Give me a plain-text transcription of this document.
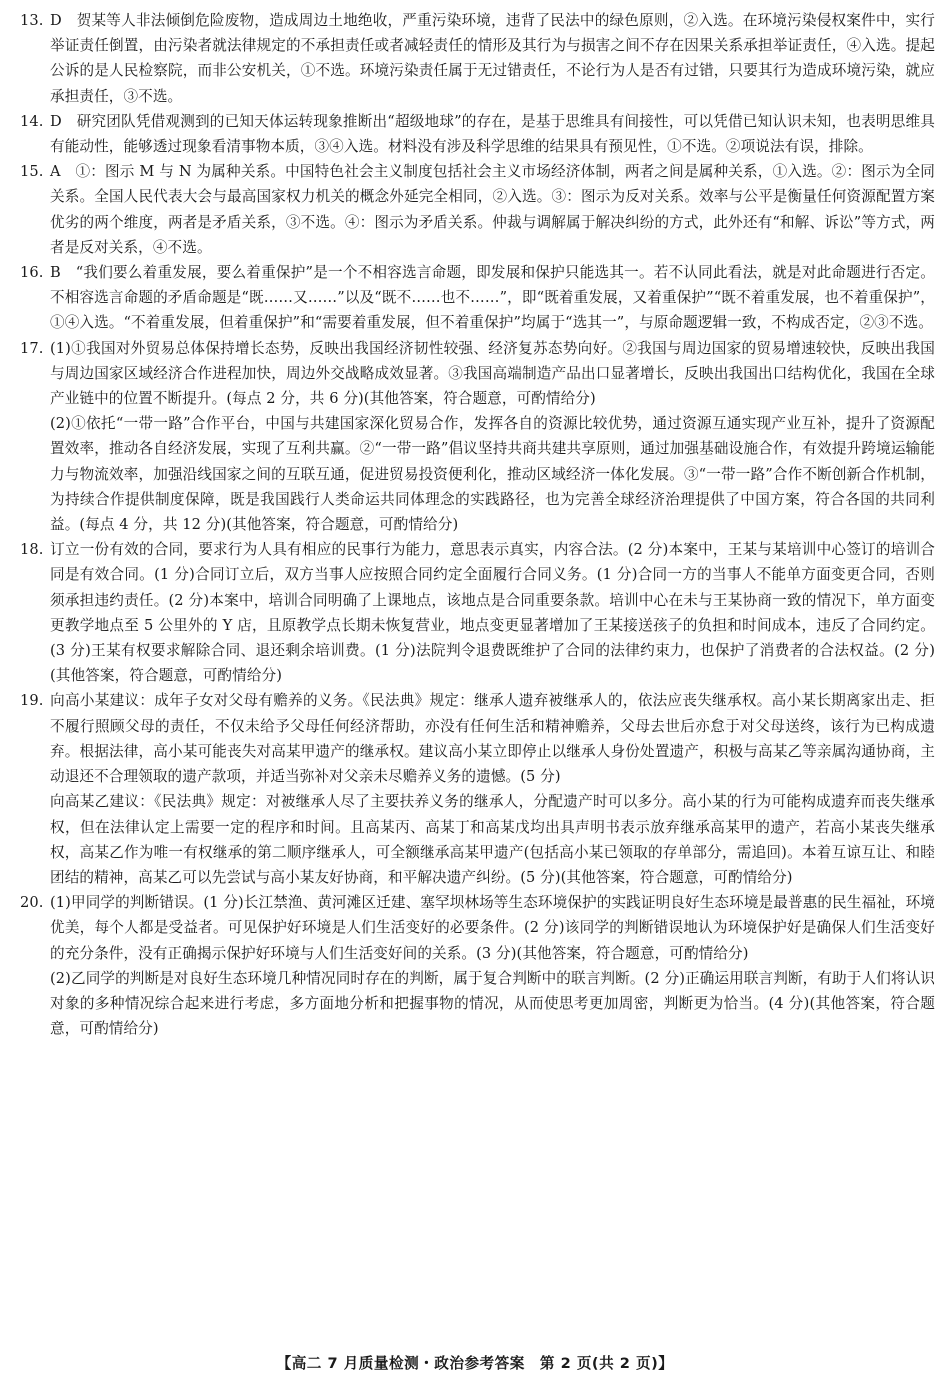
13. D　贺某等人非法倾倒危险废物，造成周边土地绝收，严重污染环境，违背了民法中的绿色原则，②入选。在环境污染侵权案件中，实行举证责任倒置，由污染者就法律规定的不承担责任或者减轻责任的情形及其行为与损害之间不存在因果关系承担举证责任，④入选。提起公诉的是人民检察院，而非公安机关，①不选。环境污染责任属于无过错责任，不论行为人是否有过错，只要其行为造成环境污染，就应承担责任，③不选。

14. D　研究团队凭借观测到的已知天体运转现象推断出“超级地球”的存在，是基于思维具有间接性，可以凭借已知认识未知，也表明思维具有能动性，能够透过现象看清事物本质，③④入选。材料没有涉及科学思维的结果具有预见性，①不选。②项说法有误，排除。

15. A　①：图示 M 与 N 为属种关系。中国特色社会主义制度包括社会主义市场经济体制，两者之间是属种关系，①入选。②：图示为全同关系。全国人民代表大会与最高国家权力机关的概念外延完全相同，②入选。③：图示为反对关系。效率与公平是衡量任何资源配置方案优劣的两个维度，两者是矛盾关系，③不选。④：图示为矛盾关系。仲裁与调解属于解决纠纷的方式，此外还有“和解、诉讼”等方式，两者是反对关系，④不选。

16. B　“我们要么着重发展，要么着重保护”是一个不相容选言命题，即发展和保护只能选其一。若不认同此看法，就是对此命题进行否定。不相容选言命题的矛盾命题是“既……又……”以及“既不……也不……”，即“既着重发展，又着重保护”“既不着重发展，也不着重保护”，①④入选。“不着重发展，但着重保护”和“需要着重发展，但不着重保护”均属于“选其一”，与原命题逻辑一致，不构成否定，②③不选。

17. (1)①我国对外贸易总体保持增长态势，反映出我国经济韧性较强、经济复苏态势向好。②我国与周边国家的贸易增速较快，反映出我国与周边国家区域经济合作进程加快，周边外交战略成效显著。③我国高端制造产品出口显著增长，反映出我国出口结构优化，我国在全球产业链中的位置不断提升。(每点 2 分，共 6 分)(其他答案，符合题意，可酌情给分)

(2)①依托“一带一路”合作平台，中国与共建国家深化贸易合作，发挥各自的资源比较优势，通过资源互通实现产业互补，提升了资源配置效率，推动各自经济发展，实现了互利共赢。②“一带一路”倡议坚持共商共建共享原则，通过加强基础设施合作，有效提升跨境运输能力与物流效率，加强沿线国家之间的互联互通，促进贸易投资便利化，推动区域经济一体化发展。③“一带一路”合作不断创新合作机制，为持续合作提供制度保障，既是我国践行人类命运共同体理念的实践路径，也为完善全球经济治理提供了中国方案，符合各国的共同利益。(每点 4 分，共 12 分)(其他答案，符合题意，可酌情给分)

18. 订立一份有效的合同，要求行为人具有相应的民事行为能力，意思表示真实，内容合法。(2 分)本案中，王某与某培训中心签订的培训合同是有效合同。(1 分)合同订立后，双方当事人应按照合同约定全面履行合同义务。(1 分)合同一方的当事人不能单方面变更合同，否则须承担违约责任。(2 分)本案中，培训合同明确了上课地点，该地点是合同重要条款。培训中心在未与王某协商一致的情况下，单方面变更教学地点至 5 公里外的 Y 店，且原教学点长期未恢复营业，地点变更显著增加了王某接送孩子的负担和时间成本，违反了合同约定。(3 分)王某有权要求解除合同、退还剩余培训费。(1 分)法院判令退费既维护了合同的法律约束力，也保护了消费者的合法权益。(2 分)(其他答案，符合题意，可酌情给分)

19. 向高小某建议：成年子女对父母有赡养的义务。《民法典》规定：继承人遗弃被继承人的，依法应丧失继承权。高小某长期离家出走、拒不履行照顾父母的责任，不仅未给予父母任何经济帮助，亦没有任何生活和精神赡养，父母去世后亦怠于对父母送终，该行为已构成遗弃。根据法律，高小某可能丧失对高某甲遗产的继承权。建议高小某立即停止以继承人身份处置遗产，积极与高某乙等亲属沟通协商，主动退还不合理领取的遗产款项，并适当弥补对父亲未尽赡养义务的遗憾。(5 分)

向高某乙建议：《民法典》规定：对被继承人尽了主要扶养义务的继承人，分配遗产时可以多分。高小某的行为可能构成遗弃而丧失继承权，但在法律认定上需要一定的程序和时间。且高某丙、高某丁和高某戊均出具声明书表示放弃继承高某甲的遗产，若高小某丧失继承权，高某乙作为唯一有权继承的第二顺序继承人，可全额继承高某甲遗产(包括高小某已领取的存单部分，需追回)。本着互谅互让、和睦团结的精神，高某乙可以先尝试与高小某友好协商，和平解决遗产纠纷。(5 分)(其他答案，符合题意，可酌情给分)

20. (1)甲同学的判断错误。(1 分)长江禁渔、黄河滩区迁建、塞罕坝林场等生态环境保护的实践证明良好生态环境是最普惠的民生福祉，环境优美，每个人都是受益者。可见保护好环境是人们生活变好的必要条件。(2 分)该同学的判断错误地认为环境保护好是确保人们生活变好的充分条件，没有正确揭示保护好环境与人们生活变好间的关系。(3 分)(其他答案，符合题意，可酌情给分)

(2)乙同学的判断是对良好生态环境几种情况同时存在的判断，属于复合判断中的联言判断。(2 分)正确运用联言判断，有助于人们将认识对象的多种情况综合起来进行考虑，多方面地分析和把握事物的情况，从而使思考更加周密，判断更为恰当。(4 分)(其他答案，符合题意，可酌情给分)

【高二 7 月质量检测・政治参考答案　第 2 页(共 2 页)】
